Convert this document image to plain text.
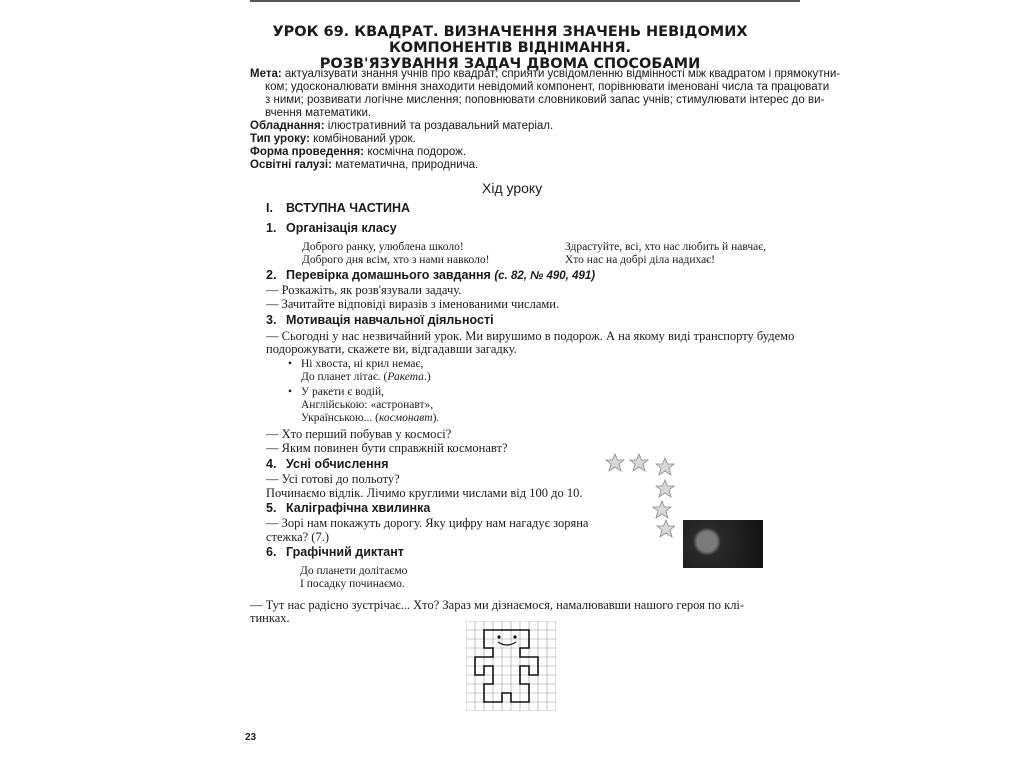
УРОК 69. КВАДРАТ. ВИЗНАЧЕННЯ ЗНАЧЕНЬ НЕВІДОМИХ КОМПОНЕНТІВ ВІДНІМАННЯ.
РОЗВ'ЯЗУВАННЯ ЗАДАЧ ДВОМА СПОСОБАМИ
Мета: актуалізувати знання учнів про квадрат; сприяти усвідомленню відмінності між квадратом і прямокутни-
ком; удосконалювати вміння знаходити невідомий компонент, порівнювати іменовані числа та працювати
з ними; розвивати логічне мислення; поповнювати словниковий запас учнів; стимулювати інтерес до ви-
вчення математики.
Обладнання: ілюстративний та роздавальний матеріал.
Тип уроку: комбінований урок.
Форма проведення: космічна подорож.
Освітні галузі: математична, природнича.
Хід уроку
I. ВСТУПНА ЧАСТИНА
1. Організація класу
Доброго ранку, улюблена школо!
Доброго дня всім, хто з нами навколо!
Здрастуйте, всі, хто нас любить й навчає,
Хто нас на добрі діла надихає!
2. Перевірка домашнього завдання (с. 82, № 490, 491)
— Розкажіть, як розв'язували задачу.
— Зачитайте відповіді виразів з іменованими числами.
3. Мотивація навчальної діяльності
— Сьогодні у нас незвичайний урок. Ми вирушимо в подорож. А на якому виді транспорту будемо
подорожувати, скажете ви, відгадавши загадку.
• Ні хвоста, ні крил немає,
До планет літає. (Ракета.)
• У ракети є водій,
Англійською: «астронавт»,
Українською... (космонавт).
— Хто перший побував у космосі?
— Яким повинен бути справжній космонавт?
4. Усні обчислення
— Усі готові до польоту?
Починаємо відлік. Лічимо круглими числами від 100 до 10.
5. Каліграфічна хвилинка
— Зорі нам покажуть дорогу. Яку цифру нам нагадує зоряна
стежка? (7.)
6. Графічний диктант
До планети долітаємо
І посадку починаємо.
— Тут нас радісно зустрічає... Хто? Зараз ми дізнаємося, намалювавши нашого героя по клі-
тинках.
23
